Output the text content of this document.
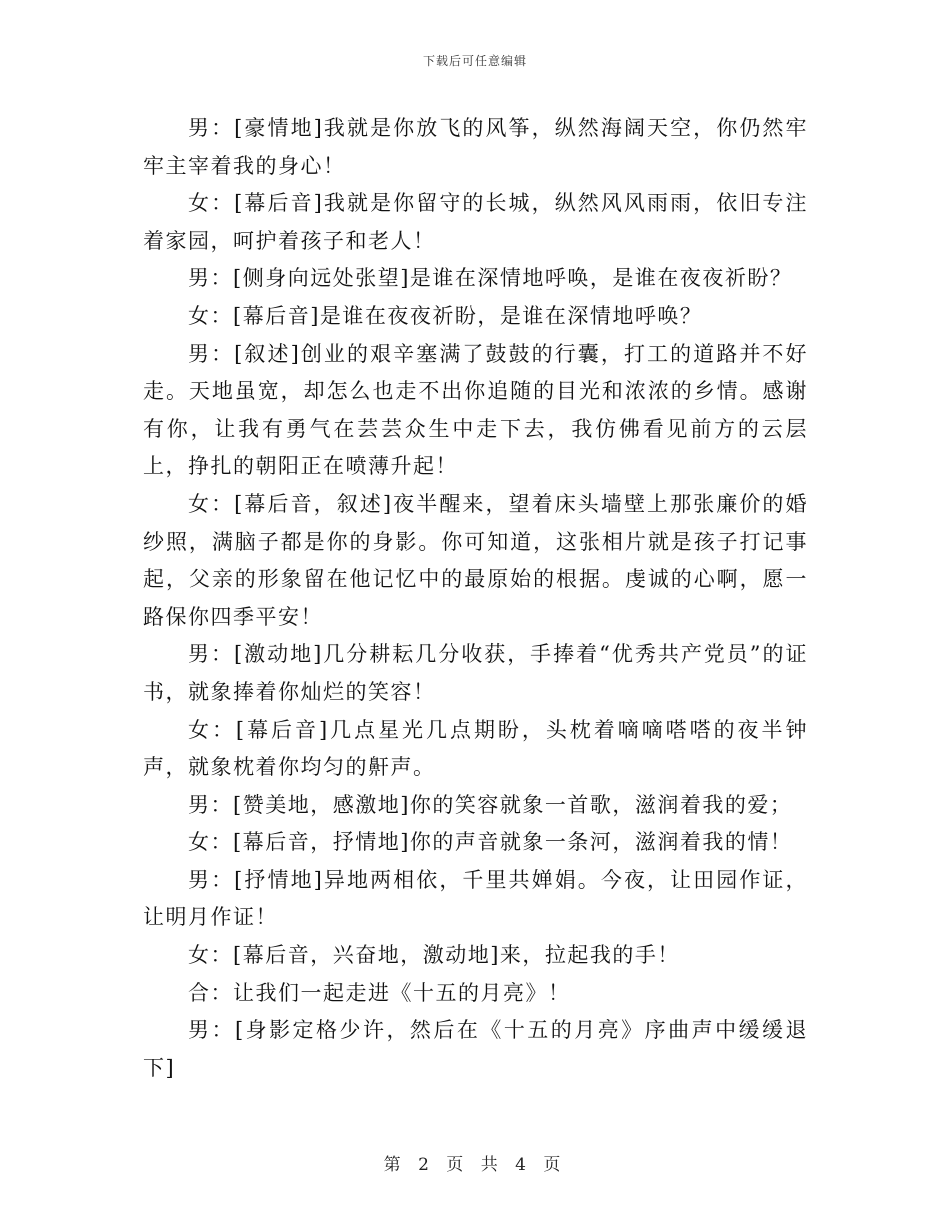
下载后可任意编辑

男：[豪情地]我就是你放飞的风筝，纵然海阔天空，你仍然牢牢主宰着我的身心！

女：[幕后音]我就是你留守的长城，纵然风风雨雨，依旧专注着家园，呵护着孩子和老人！

男：[侧身向远处张望]是谁在深情地呼唤，是谁在夜夜祈盼？

女：[幕后音]是谁在夜夜祈盼，是谁在深情地呼唤？

男：[叙述]创业的艰辛塞满了鼓鼓的行囊，打工的道路并不好走。天地虽宽，却怎么也走不出你追随的目光和浓浓的乡情。感谢有你，让我有勇气在芸芸众生中走下去，我仿佛看见前方的云层上，挣扎的朝阳正在喷薄升起！

女：[幕后音，叙述]夜半醒来，望着床头墙壁上那张廉价的婚纱照，满脑子都是你的身影。你可知道，这张相片就是孩子打记事起，父亲的形象留在他记忆中的最原始的根据。虔诚的心啊，愿一路保你四季平安！

男：[激动地]几分耕耘几分收获，手捧着“优秀共产党员”的证书，就象捧着你灿烂的笑容！

女：[幕后音]几点星光几点期盼，头枕着嘀嘀嗒嗒的夜半钟声，就象枕着你均匀的鼾声。

男：[赞美地，感激地]你的笑容就象一首歌，滋润着我的爱；

女：[幕后音，抒情地]你的声音就象一条河，滋润着我的情！

男：[抒情地]异地两相依，千里共婵娟。今夜，让田园作证，让明月作证！

女：[幕后音，兴奋地，激动地]来，拉起我的手！

合：让我们一起走进《十五的月亮》！

男：[身影定格少许，然后在《十五的月亮》序曲声中缓缓退下]

第 2 页 共 4 页
